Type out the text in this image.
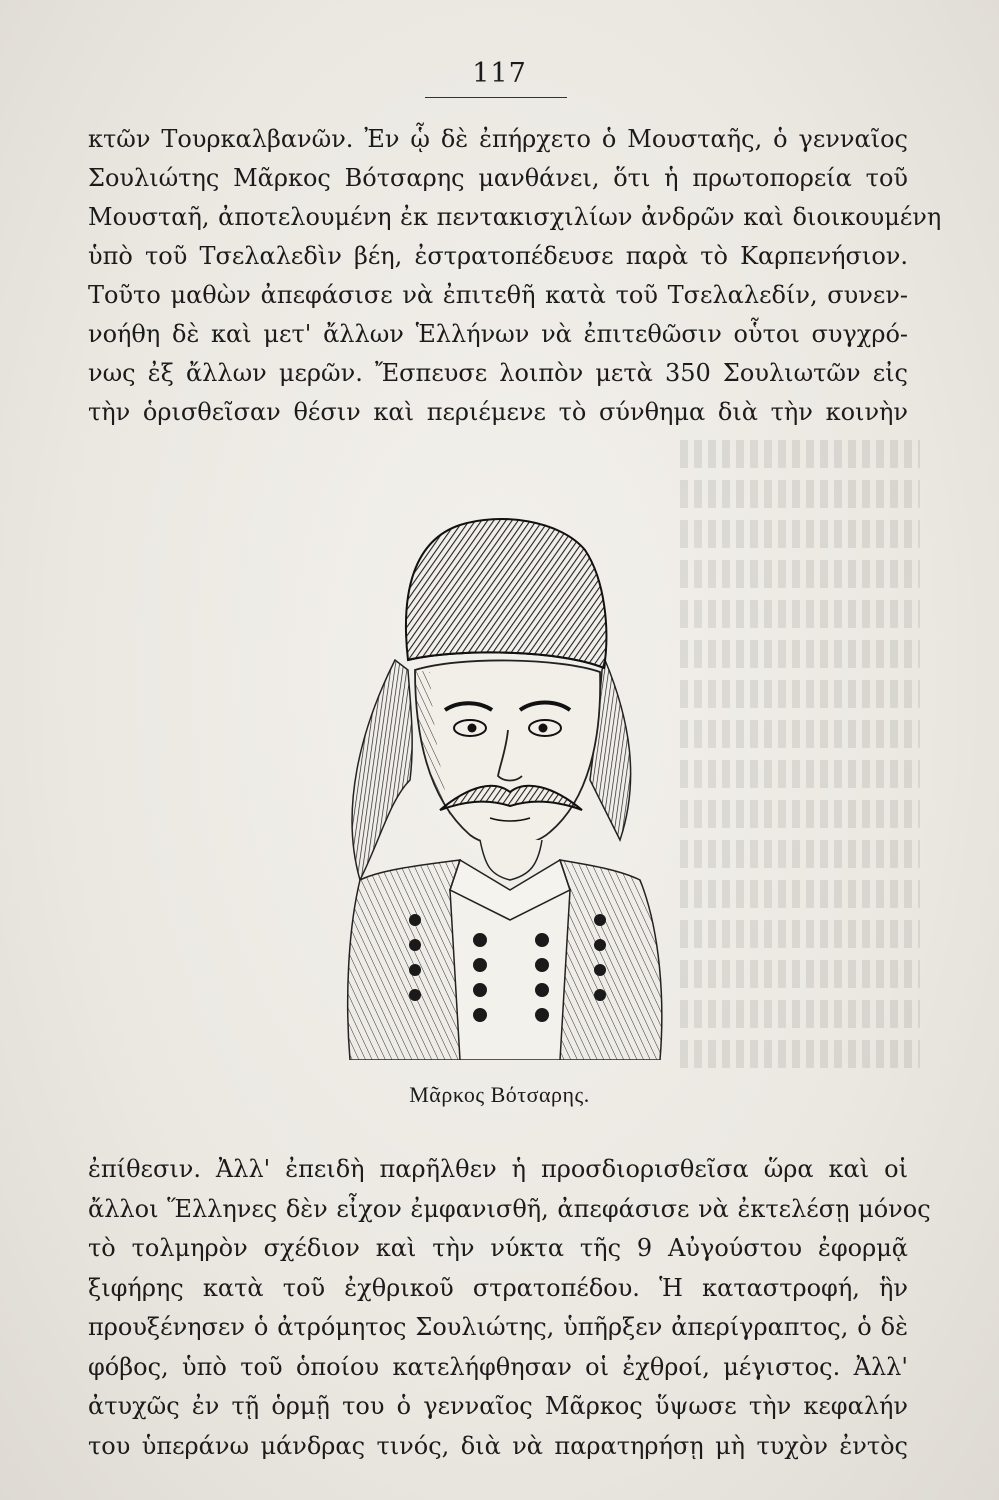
117
κτῶν Τουρκαλβανῶν. Ἐν ᾧ δὲ ἐπήρχετο ὁ Μουσταῆς, ὁ γενναῖος
Σουλιώτης Μᾶρκος Βότσαρης μανθάνει, ὅτι ἡ πρωτοπορεία τοῦ
Μουσταῆ, ἀποτελουμένη ἐκ πεντακισχιλίων ἀνδρῶν καὶ διοικουμένη
ὑπὸ τοῦ Τσελαλεδὶν βέη, ἐστρατοπέδευσε παρὰ τὸ Καρπενήσιον.
Τοῦτο μαθὼν ἀπεφάσισε νὰ ἐπιτεθῆ κατὰ τοῦ Τσελαλεδίν, συνεν-
νοήθη δὲ καὶ μετ' ἄλλων Ἑλλήνων νὰ ἐπιτεθῶσιν οὗτοι συγχρό-
νως ἐξ ἄλλων μερῶν. Ἔσπευσε λοιπὸν μετὰ 350 Σουλιωτῶν εἰς
τὴν ὁρισθεῖσαν θέσιν καὶ περιέμενε τὸ σύνθημα διὰ τὴν κοινὴν
Μᾶρκος Βότσαρης.
ἐπίθεσιν. Ἀλλ' ἐπειδὴ παρῆλθεν ἡ προσδιορισθεῖσα ὥρα καὶ οἱ
ἄλλοι Ἕλληνες δὲν εἶχον ἐμφανισθῆ, ἀπεφάσισε νὰ ἐκτελέσῃ μόνος
τὸ τολμηρὸν σχέδιον καὶ τὴν νύκτα τῆς 9 Αὐγούστου ἐφορμᾷ
ξιφήρης κατὰ τοῦ ἐχθρικοῦ στρατοπέδου. Ἡ καταστροφή, ἣν
προυξένησεν ὁ ἀτρόμητος Σουλιώτης, ὑπῆρξεν ἀπερίγραπτος, ὁ δὲ
φόβος, ὑπὸ τοῦ ὁποίου κατελήφθησαν οἱ ἐχθροί, μέγιστος. Ἀλλ'
ἀτυχῶς ἐν τῇ ὁρμῇ του ὁ γενναῖος Μᾶρκος ὕψωσε τὴν κεφαλήν
του ὑπεράνω μάνδρας τινός, διὰ νὰ παρατηρήσῃ μὴ τυχὸν ἐντὸς
